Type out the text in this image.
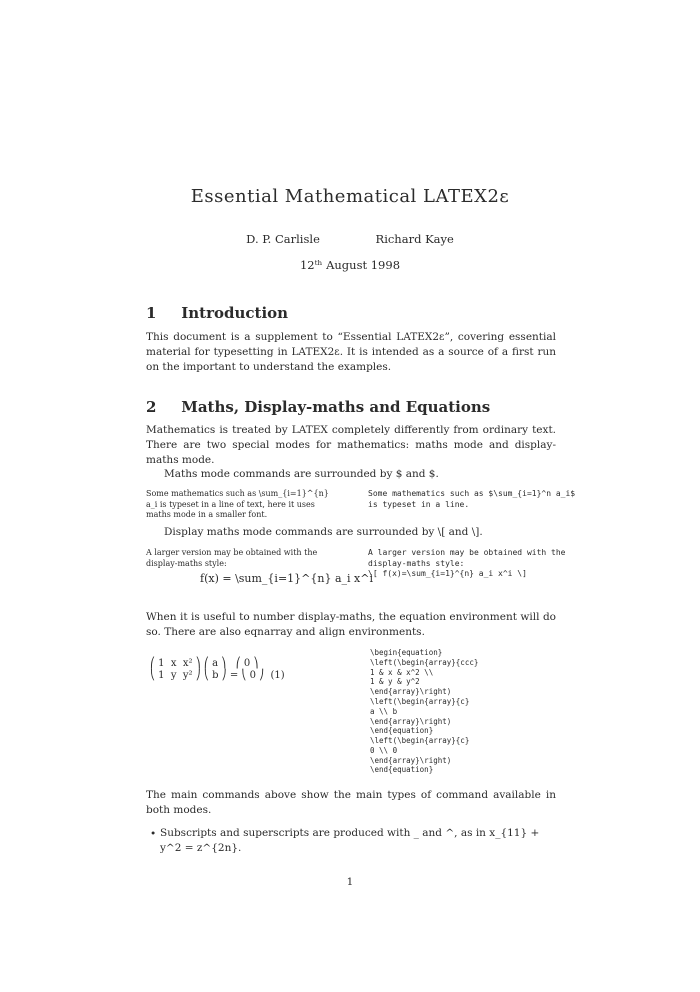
Essential Mathematical LATEX2ε
D. P. Carlisle	Richard Kaye
12ᵗʰ August 1998
1 Introduction
This document is a supplement to “Essential LATEX2ε”, covering essential material for typesetting in LATEX2ε. It is intended as a source of a first run on the important to understand the examples.
2 Maths, Display-maths and Equations
Mathematics is treated by LATEX completely differently from ordinary text. There are two special modes for mathematics: maths mode and display-maths mode.
Maths mode commands are surrounded by $ and $.
Some mathematics such as \sum_{i=1}^{n} a_i is typeset in a line of text, here it uses maths mode in a smaller font.
Some mathematics such as $\sum_{i=1}^n a_i$ is typeset in a line.
Display maths mode commands are surrounded by \[ and \].
A larger version may be obtained with the display-maths style:
f(x) = \sum_{i=1}^{n} a_i x^i
A larger version may be obtained with the
display-maths style:
\[ f(x)=\sum_{i=1}^{n} a_i x^i \]
When it is useful to number display-maths, the equation environment will do so. There are also eqnarray and align environments.
⎛ 1  x  x² ⎞ ⎛ a ⎞   ⎛ 0 ⎞
⎝ 1  y  y² ⎠ ⎝ b ⎠ = ⎝ 0 ⎠  (1)
\begin{equation}
\left(\begin{array}{ccc}
1 & x & x^2 \\
1 & y & y^2
\end{array}\right)
\left(\begin{array}{c}
a \\ b
\end{array}\right)
\end{equation}
\left(\begin{array}{c}
0 \\ 0
\end{array}\right)
\end{equation}
The main commands above show the main types of command available in both modes.
• Subscripts and superscripts are produced with _ and ^, as in x_{11} + y^2 = z^{2n}.
1
